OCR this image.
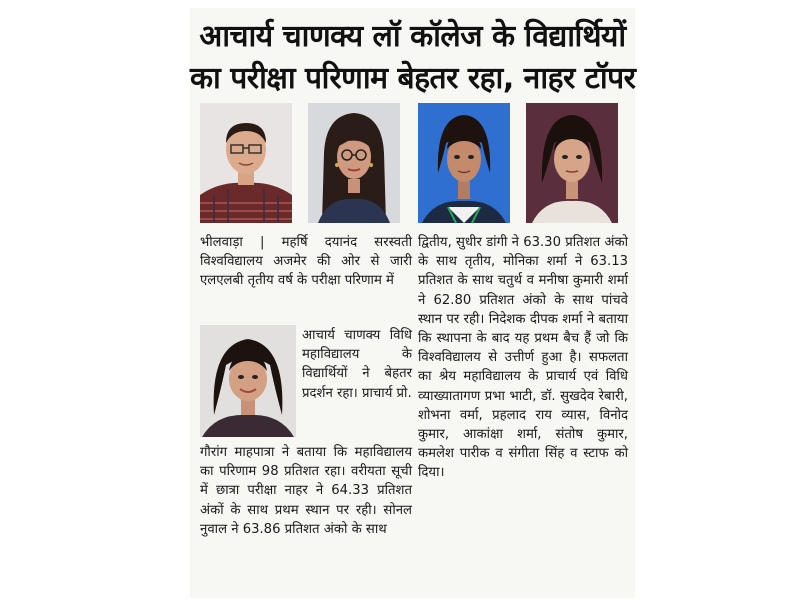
आचार्य चाणक्य लॉ कॉलेज के विद्यार्थियों
का परीक्षा परिणाम बेहतर रहा, नाहर टॉपर

भीलवाड़ा | महर्षि दयानंद सरस्वती विश्वविद्यालय अजमेर की ओर से जारी एलएलबी तृतीय वर्ष के परीक्षा परिणाम में

आचार्य चाणक्य विधि महाविद्यालय के विद्यार्थियों ने बेहतर प्रदर्शन रहा। प्राचार्य प्रो.

गौरांग माहपात्रा ने बताया कि महाविद्यालय का परिणाम 98 प्रतिशत रहा। वरीयता सूची में छात्रा परीक्षा नाहर ने 64.33 प्रतिशत अंकों के साथ प्रथम स्थान पर रही। सोनल नुवाल ने 63.86 प्रतिशत अंको के साथ

द्वितीय, सुधीर डांगी ने 63.30 प्रतिशत अंको के साथ तृतीय, मोनिका शर्मा ने 63.13 प्रतिशत के साथ चतुर्थ व मनीषा कुमारी शर्मा ने 62.80 प्रतिशत अंको के साथ पांचवे स्थान पर रही। निदेशक दीपक शर्मा ने बताया कि स्थापना के बाद यह प्रथम बैच हैं जो कि विश्वविद्यालय से उत्तीर्ण हुआ है। सफलता का श्रेय महाविद्यालय के प्राचार्य एवं विधि व्याख्यातागण प्रभा भाटी, डॉ. सुखदेव रेबारी, शोभना वर्मा, प्रहलाद राय व्यास, विनोद कुमार, आकांक्षा शर्मा, संतोष कुमार, कमलेश पारीक व संगीता सिंह व स्टाफ को दिया।
